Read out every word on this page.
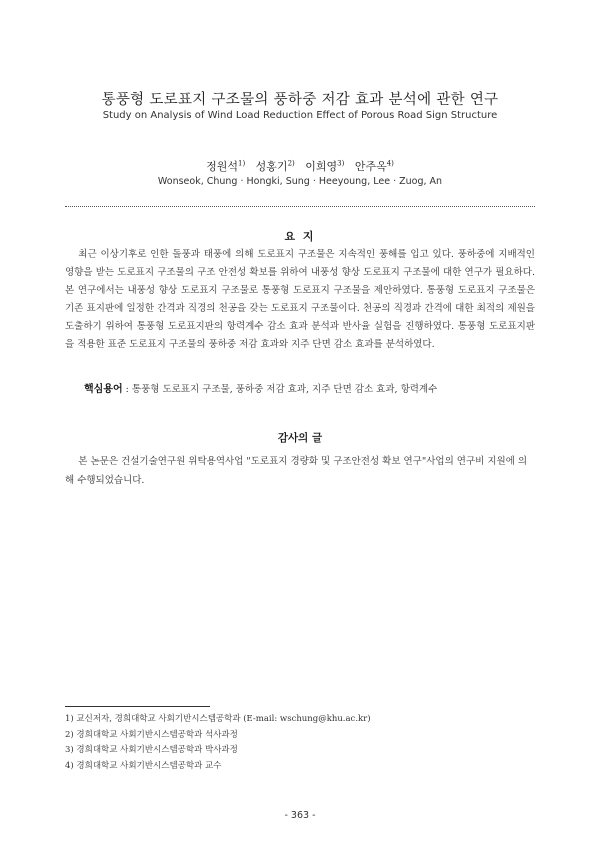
통풍형 도로표지 구조물의 풍하중 저감 효과 분석에 관한 연구
Study on Analysis of Wind Load Reduction Effect of Porous Road Sign Structure
정원석$^{1)}$ 성홍기$^{2)}$ 이희영$^{3)}$ 안주옥$^{4)}$
Wonseok, Chung · Hongki, Sung · Heeyoung, Lee · Zuog, An
요 지
최근 이상기후로 인한 돌풍과 태풍에 의해 도로표지 구조물은 지속적인 풍해를 입고 있다. 풍하중에 지배적인 영향을 받는 도로표지 구조물의 구조 안전성 확보를 위하여 내풍성 향상 도로표지 구조물에 대한 연구가 필요하다. 본 연구에서는 내풍성 향상 도로표지 구조물로 통풍형 도로표지 구조물을 제안하였다. 통풍형 도로표지 구조물은 기존 표지판에 일정한 간격과 직경의 천공을 갖는 도로표지 구조물이다. 천공의 직경과 간격에 대한 최적의 제원을 도출하기 위하여 통풍형 도로표지판의 항력계수 감소 효과 분석과 반사율 실험을 진행하였다. 통풍형 도로표지판을 적용한 표준 도로표지 구조물의 풍하중 저감 효과와 지주 단면 감소 효과를 분석하였다.
핵심용어 : 통풍형 도로표지 구조물, 풍하중 저감 효과, 지주 단면 감소 효과, 항력계수
감사의 글
본 논문은 건설기술연구원 위탁용역사업 "도로표지 경량화 및 구조안전성 확보 연구"사업의 연구비 지원에 의해 수행되었습니다.
1) 교신저자, 경희대학교 사회기반시스템공학과 (E-mail: wschung@khu.ac.kr)
2) 경희대학교 사회기반시스템공학과 석사과정
3) 경희대학교 사회기반시스템공학과 박사과정
4) 경희대학교 사회기반시스템공학과 교수
- 363 -
